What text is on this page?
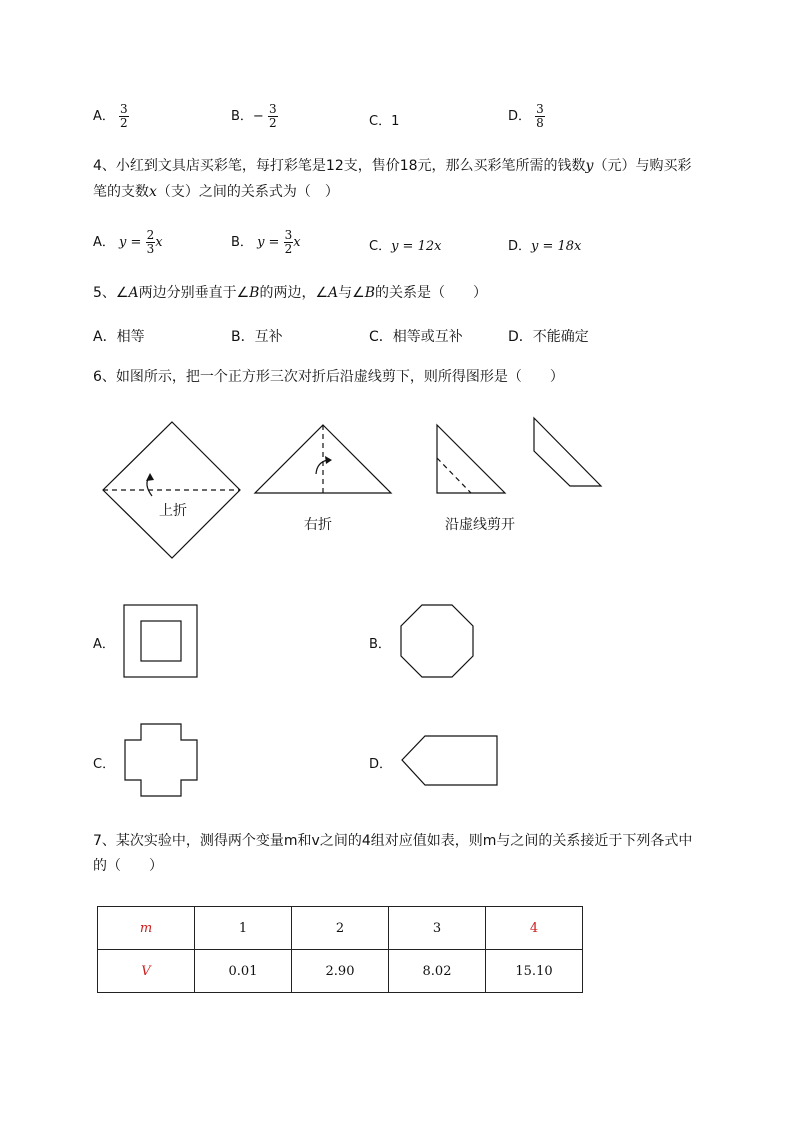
A． $\frac{3}{2}$	B．− $\frac{3}{2}$	C．1	D． $\frac{3}{8}$
4、小红到文具店买彩笔，每打彩笔是12支，售价18元，那么买彩笔所需的钱数y（元）与购买彩
笔的支数x（支）之间的关系式为（　）
A． $y = \frac{2}{3}$ x	B． $y = \frac{3}{2}$ x	C．y = 12x	D．y = 18x
5、∠A两边分别垂直于∠B的两边，∠A与∠B的关系是（　　）
A．相等	B．互补	C．相等或互补	D．不能确定
6、如图所示，把一个正方形三次对折后沿虚线剪下，则所得图形是（　　）
上折
右折	沿虚线剪开
A．	B．
C．	D．
7、某次实验中，测得两个变量m和v之间的4组对应值如表，则m与之间的关系接近于下列各式中
的（　　）
m	1	2	3	4
V	0.01	2.90	8.02	15.10
